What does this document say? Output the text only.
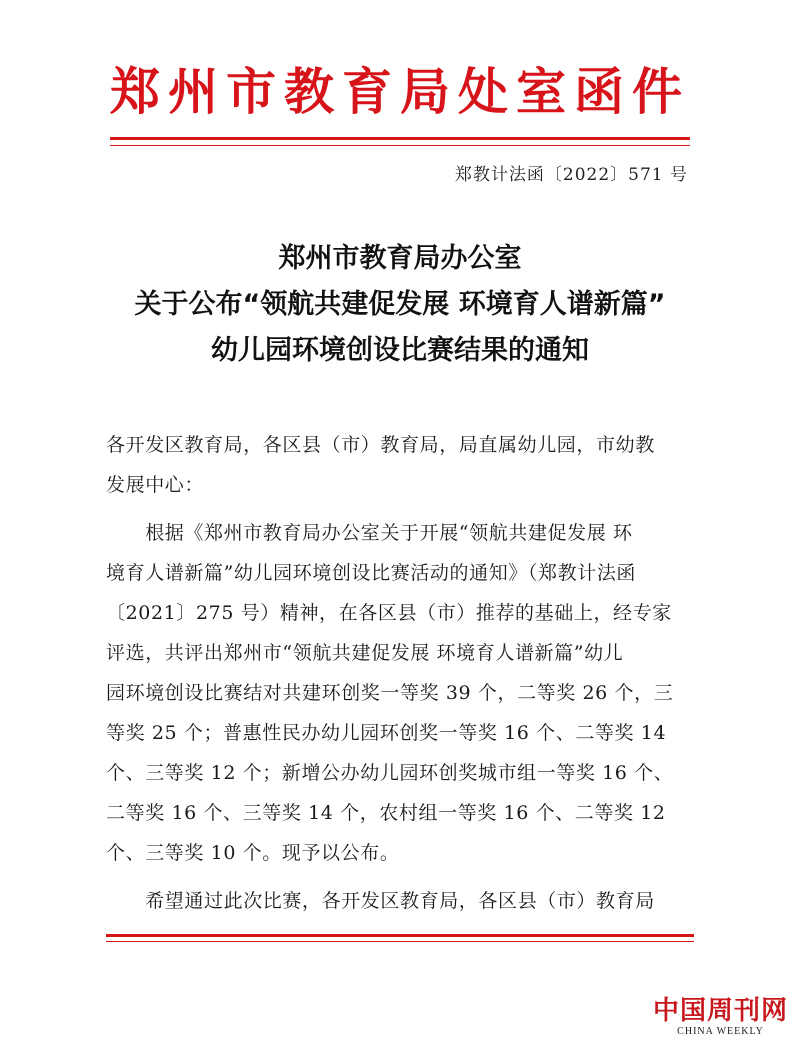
郑州市教育局处室函件
郑教计法函〔2022〕571 号
郑州市教育局办公室
关于公布“领航共建促发展 环境育人谱新篇”
幼儿园环境创设比赛结果的通知
各开发区教育局，各区县（市）教育局，局直属幼儿园，市幼教
发展中心：
　　根据《郑州市教育局办公室关于开展“领航共建促发展 环
境育人谱新篇”幼儿园环境创设比赛活动的通知》（郑教计法函
〔2021〕275 号）精神，在各区县（市）推荐的基础上，经专家
评选，共评出郑州市“领航共建促发展 环境育人谱新篇”幼儿
园环境创设比赛结对共建环创奖一等奖 39 个，二等奖 26 个，三
等奖 25 个；普惠性民办幼儿园环创奖一等奖 16 个、二等奖 14
个、三等奖 12 个；新增公办幼儿园环创奖城市组一等奖 16 个、
二等奖 16 个、三等奖 14 个，农村组一等奖 16 个、二等奖 12
个、三等奖 10 个。现予以公布。
　　希望通过此次比赛，各开发区教育局，各区县（市）教育局
中国周刊网
CHINA WEEKLY
